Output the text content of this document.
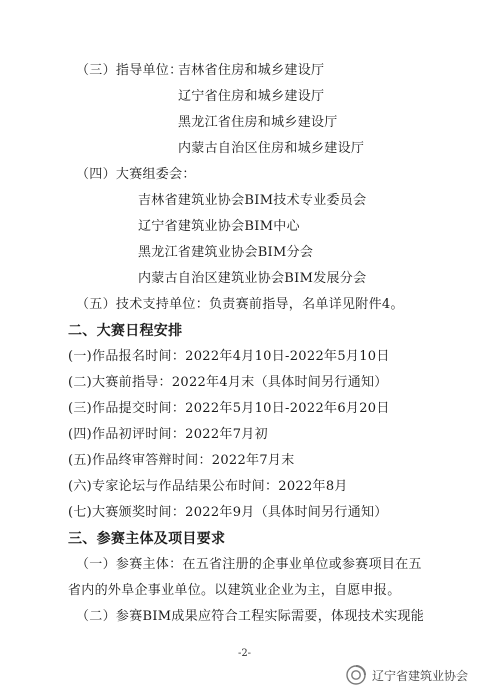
（三）指导单位：
吉林省住房和城乡建设厅
辽宁省住房和城乡建设厅
黑龙江省住房和城乡建设厅
内蒙古自治区住房和城乡建设厅
（四）大赛组委会：
吉林省建筑业协会BIM技术专业委员会
辽宁省建筑业协会BIM中心
黑龙江省建筑业协会BIM分会
内蒙古自治区建筑业协会BIM发展分会
（五）技术支持单位：负责赛前指导，名单详见附件4。
二、大赛日程安排
(一)作品报名时间：2022年4月10日-2022年5月10日
(二)大赛前指导：2022年4月末（具体时间另行通知）
(三)作品提交时间：2022年5月10日-2022年6月20日
(四)作品初评时间：2022年7月初
(五)作品终审答辩时间：2022年7月末
(六)专家论坛与作品结果公布时间：2022年8月
(七)大赛颁奖时间：2022年9月（具体时间另行通知）
三、参赛主体及项目要求
（一）参赛主体：在五省注册的企事业单位或参赛项目在五
省内的外阜企事业单位。以建筑业企业为主，自愿申报。
（二）参赛BIM成果应符合工程实际需要，体现技术实现能
-2-
辽宁省建筑业协会
